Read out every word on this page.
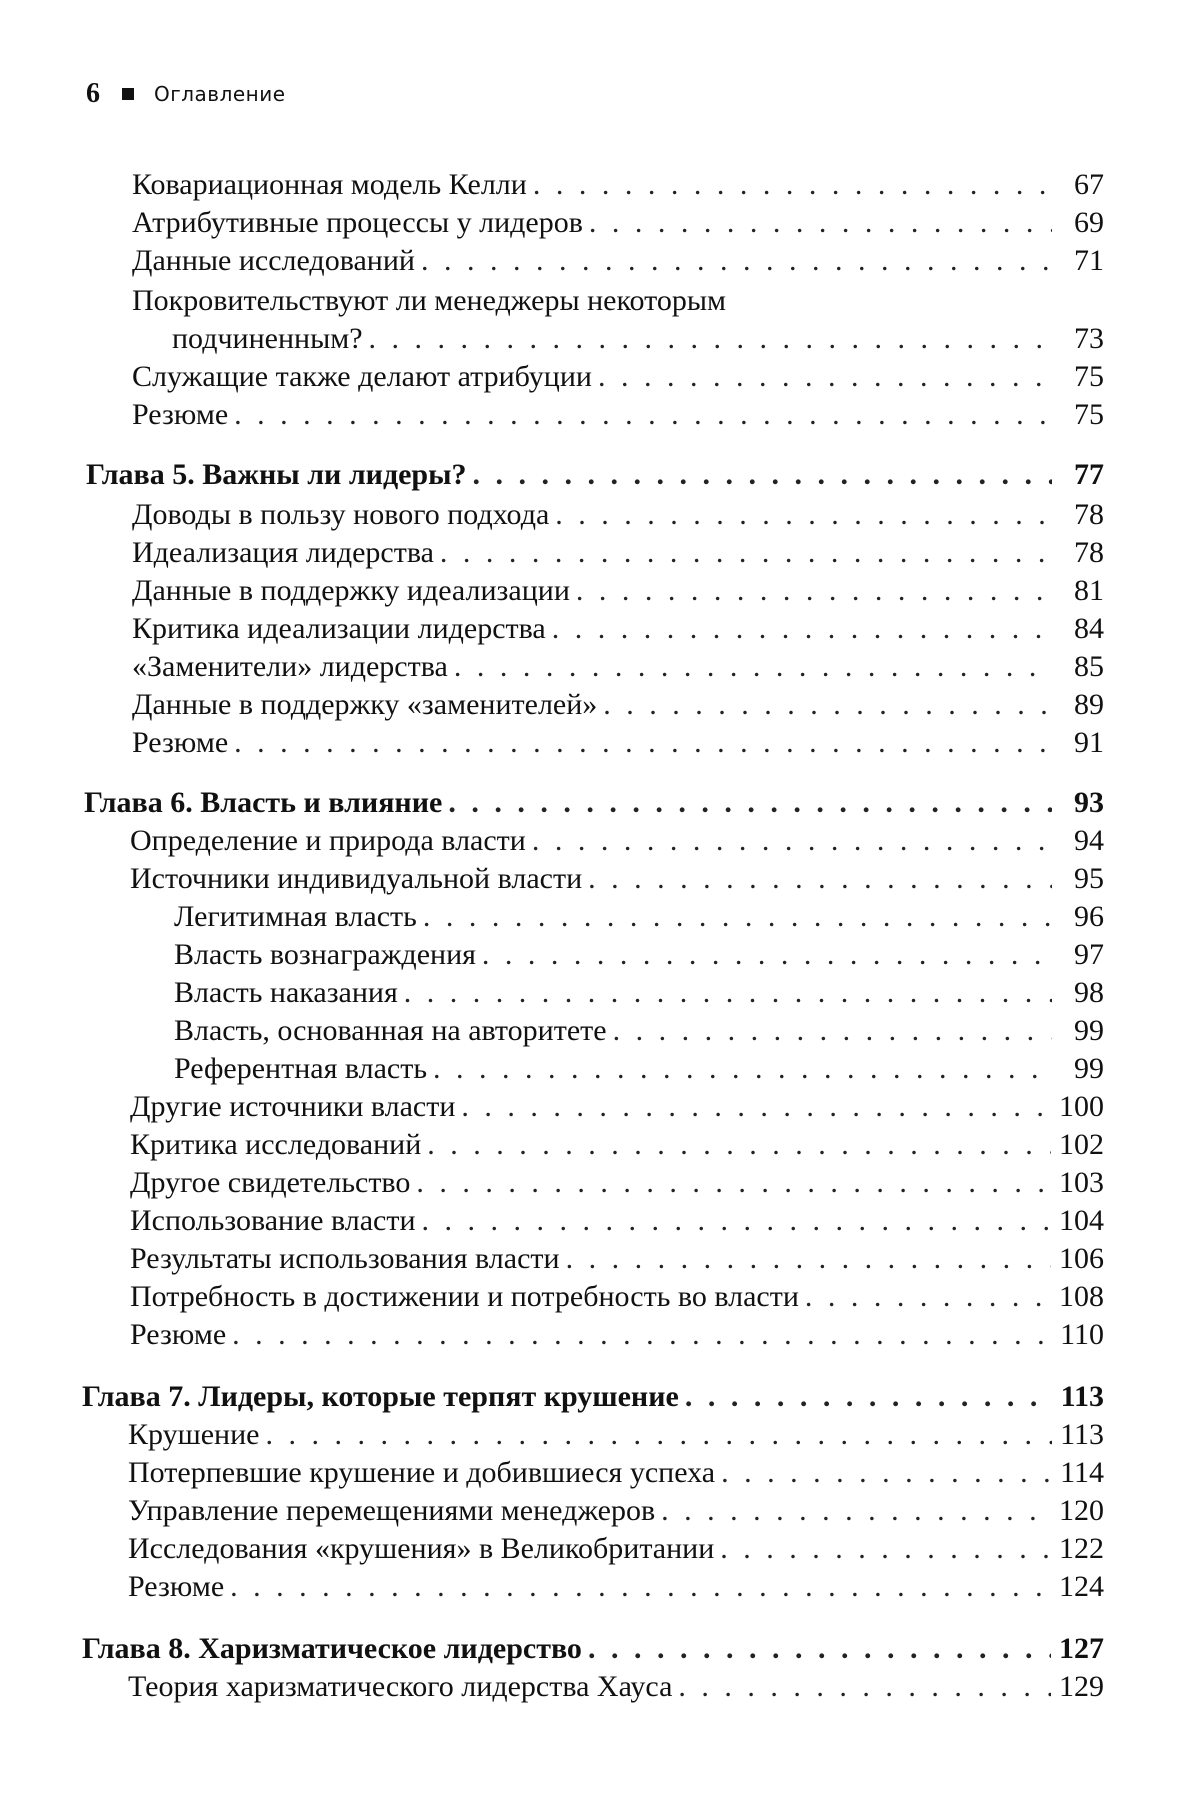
6	Оглавление
Ковариационная модель Келли . . .	67
Атрибутивные процессы у лидеров . . .	69
Данные исследований . . .	71
Покровительствуют ли менеджеры некоторым
подчиненным? . . .	73
Служащие также делают атрибуции . . .	75
Резюме . . .	75
Глава 5. Важны ли лидеры? . . .	77
Доводы в пользу нового подхода . . .	78
Идеализация лидерства . . .	78
Данные в поддержку идеализации . . .	81
Критика идеализации лидерства . . .	84
«Заменители» лидерства . . .	85
Данные в поддержку «заменителей» . . .	89
Резюме . . .	91
Глава 6. Власть и влияние . . .	93
Определение и природа власти . . .	94
Источники индивидуальной власти . . .	95
Легитимная власть . . .	96
Власть вознаграждения . . .	97
Власть наказания . . .	98
Власть, основанная на авторитете . . .	99
Референтная власть . . .	99
Другие источники власти . . .	100
Критика исследований . . .	102
Другое свидетельство . . .	103
Использование власти . . .	104
Результаты использования власти . . .	106
Потребность в достижении и потребность во власти . . .	108
Резюме . . .	110
Глава 7. Лидеры, которые терпят крушение . . .	113
Крушение . . .	113
Потерпевшие крушение и добившиеся успеха . . .	114
Управление перемещениями менеджеров . . .	120
Исследования «крушения» в Великобритании . . .	122
Резюме . . .	124
Глава 8. Харизматическое лидерство . . .	127
Теория харизматического лидерства Хауса . . .	129
